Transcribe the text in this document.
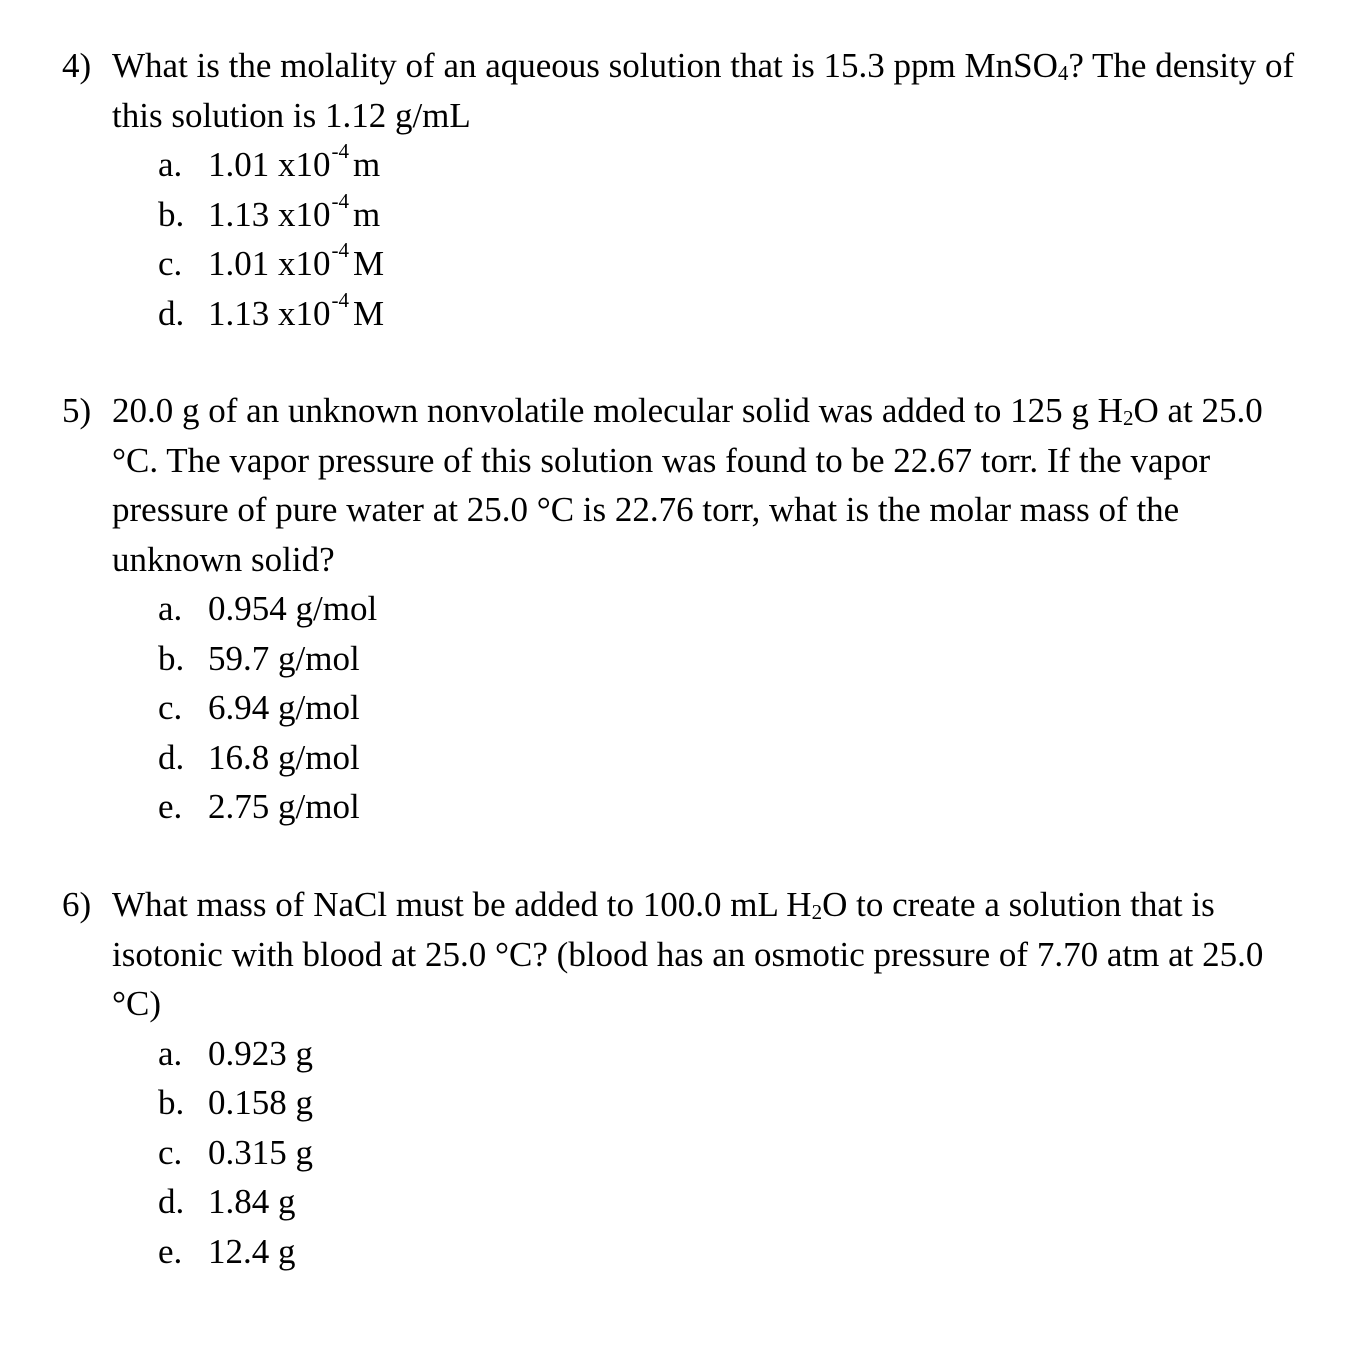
4) What is the molality of an aqueous solution that is 15.3 ppm MnSO$_4$? The density of this solution is 1.12 g/mL
a. 1.01 $x10^{-4}$ m
b. 1.13 $x10^{-4}$ m
c. 1.01 $x10^{-4}$ M
d. 1.13 $x10^{-4}$ M
5) 20.0 g of an unknown nonvolatile molecular solid was added to 125 g $H_2O$ at 25.0 °C. The vapor pressure of this solution was found to be 22.67 torr. If the vapor pressure of pure water at 25.0 °C is 22.76 torr, what is the molar mass of the unknown solid?
a. 0.954 g/mol
b. 59.7 g/mol
c. 6.94 g/mol
d. 16.8 g/mol
e. 2.75 g/mol
6) What mass of NaCl must be added to 100.0 mL $H_2O$ to create a solution that is isotonic with blood at 25.0 °C? (blood has an osmotic pressure of 7.70 atm at 25.0 °C)
a. 0.923 g
b. 0.158 g
c. 0.315 g
d. 1.84 g
e. 12.4 g
